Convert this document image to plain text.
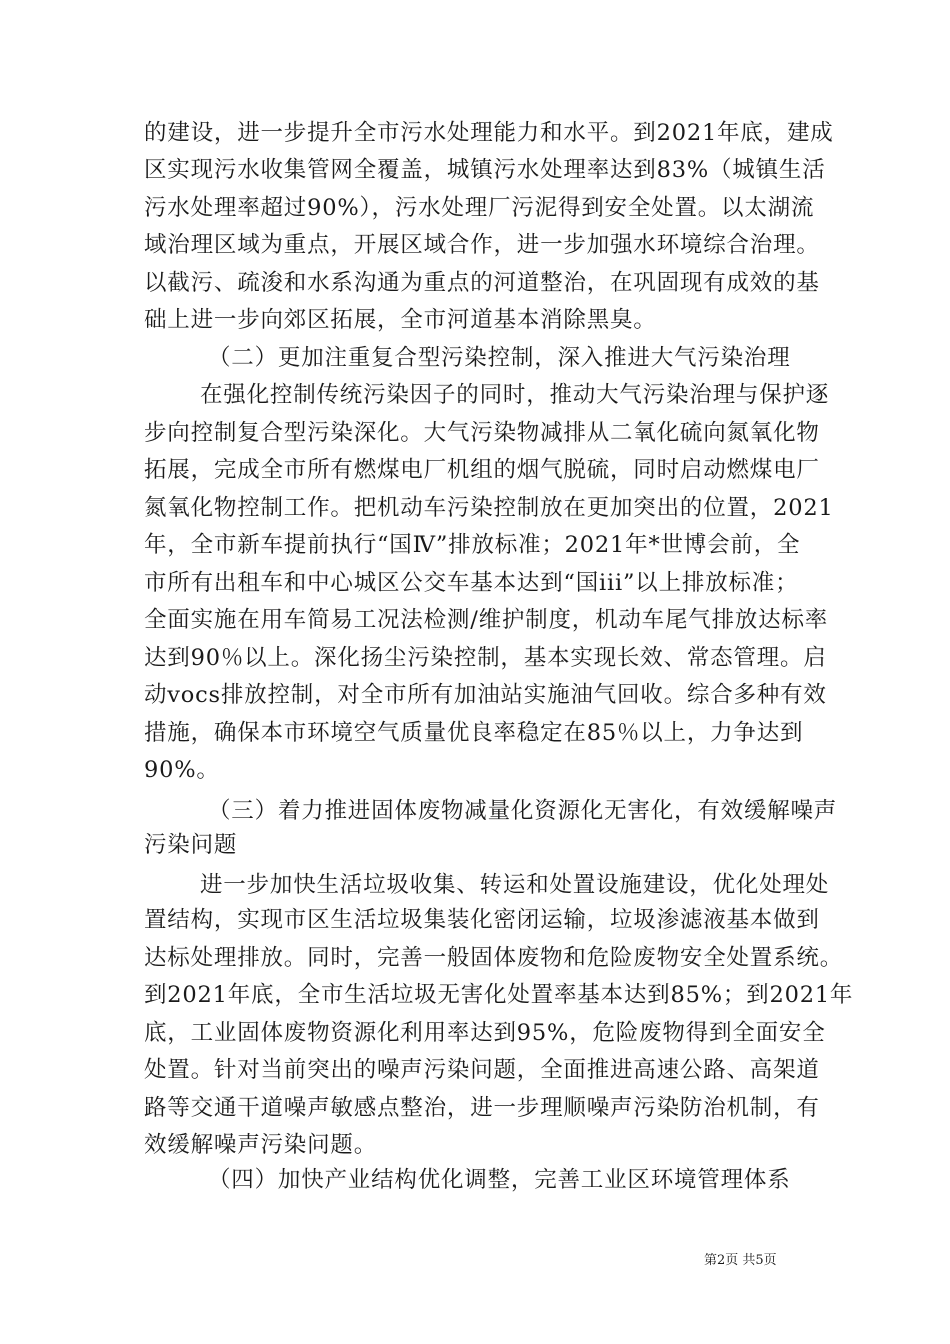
的建设，进一步提升全市污水处理能力和水平。到2021年底，建成
区实现污水收集管网全覆盖，城镇污水处理率达到83%（城镇生活
污水处理率超过90%），污水处理厂污泥得到安全处置。以太湖流
域治理区域为重点，开展区域合作，进一步加强水环境综合治理。
以截污、疏浚和水系沟通为重点的河道整治，在巩固现有成效的基
础上进一步向郊区拓展，全市河道基本消除黑臭。
（二）更加注重复合型污染控制，深入推进大气污染治理
在强化控制传统污染因子的同时，推动大气污染治理与保护逐
步向控制复合型污染深化。大气污染物减排从二氧化硫向氮氧化物
拓展，完成全市所有燃煤电厂机组的烟气脱硫，同时启动燃煤电厂
氮氧化物控制工作。把机动车污染控制放在更加突出的位置，2021
年，全市新车提前执行“国Ⅳ”排放标准；2021年*世博会前，全
市所有出租车和中心城区公交车基本达到“国iii”以上排放标准；
全面实施在用车简易工况法检测/维护制度，机动车尾气排放达标率
达到90％以上。深化扬尘污染控制，基本实现长效、常态管理。启
动vocs排放控制，对全市所有加油站实施油气回收。综合多种有效
措施，确保本市环境空气质量优良率稳定在85％以上，力争达到
90%。
（三）着力推进固体废物减量化资源化无害化，有效缓解噪声
污染问题
进一步加快生活垃圾收集、转运和处置设施建设，优化处理处
置结构，实现市区生活垃圾集装化密闭运输，垃圾渗滤液基本做到
达标处理排放。同时，完善一般固体废物和危险废物安全处置系统。
到2021年底，全市生活垃圾无害化处置率基本达到85%；到2021年
底，工业固体废物资源化利用率达到95%，危险废物得到全面安全
处置。针对当前突出的噪声污染问题，全面推进高速公路、高架道
路等交通干道噪声敏感点整治，进一步理顺噪声污染防治机制，有
效缓解噪声污染问题。
（四）加快产业结构优化调整，完善工业区环境管理体系
第2页 共5页
